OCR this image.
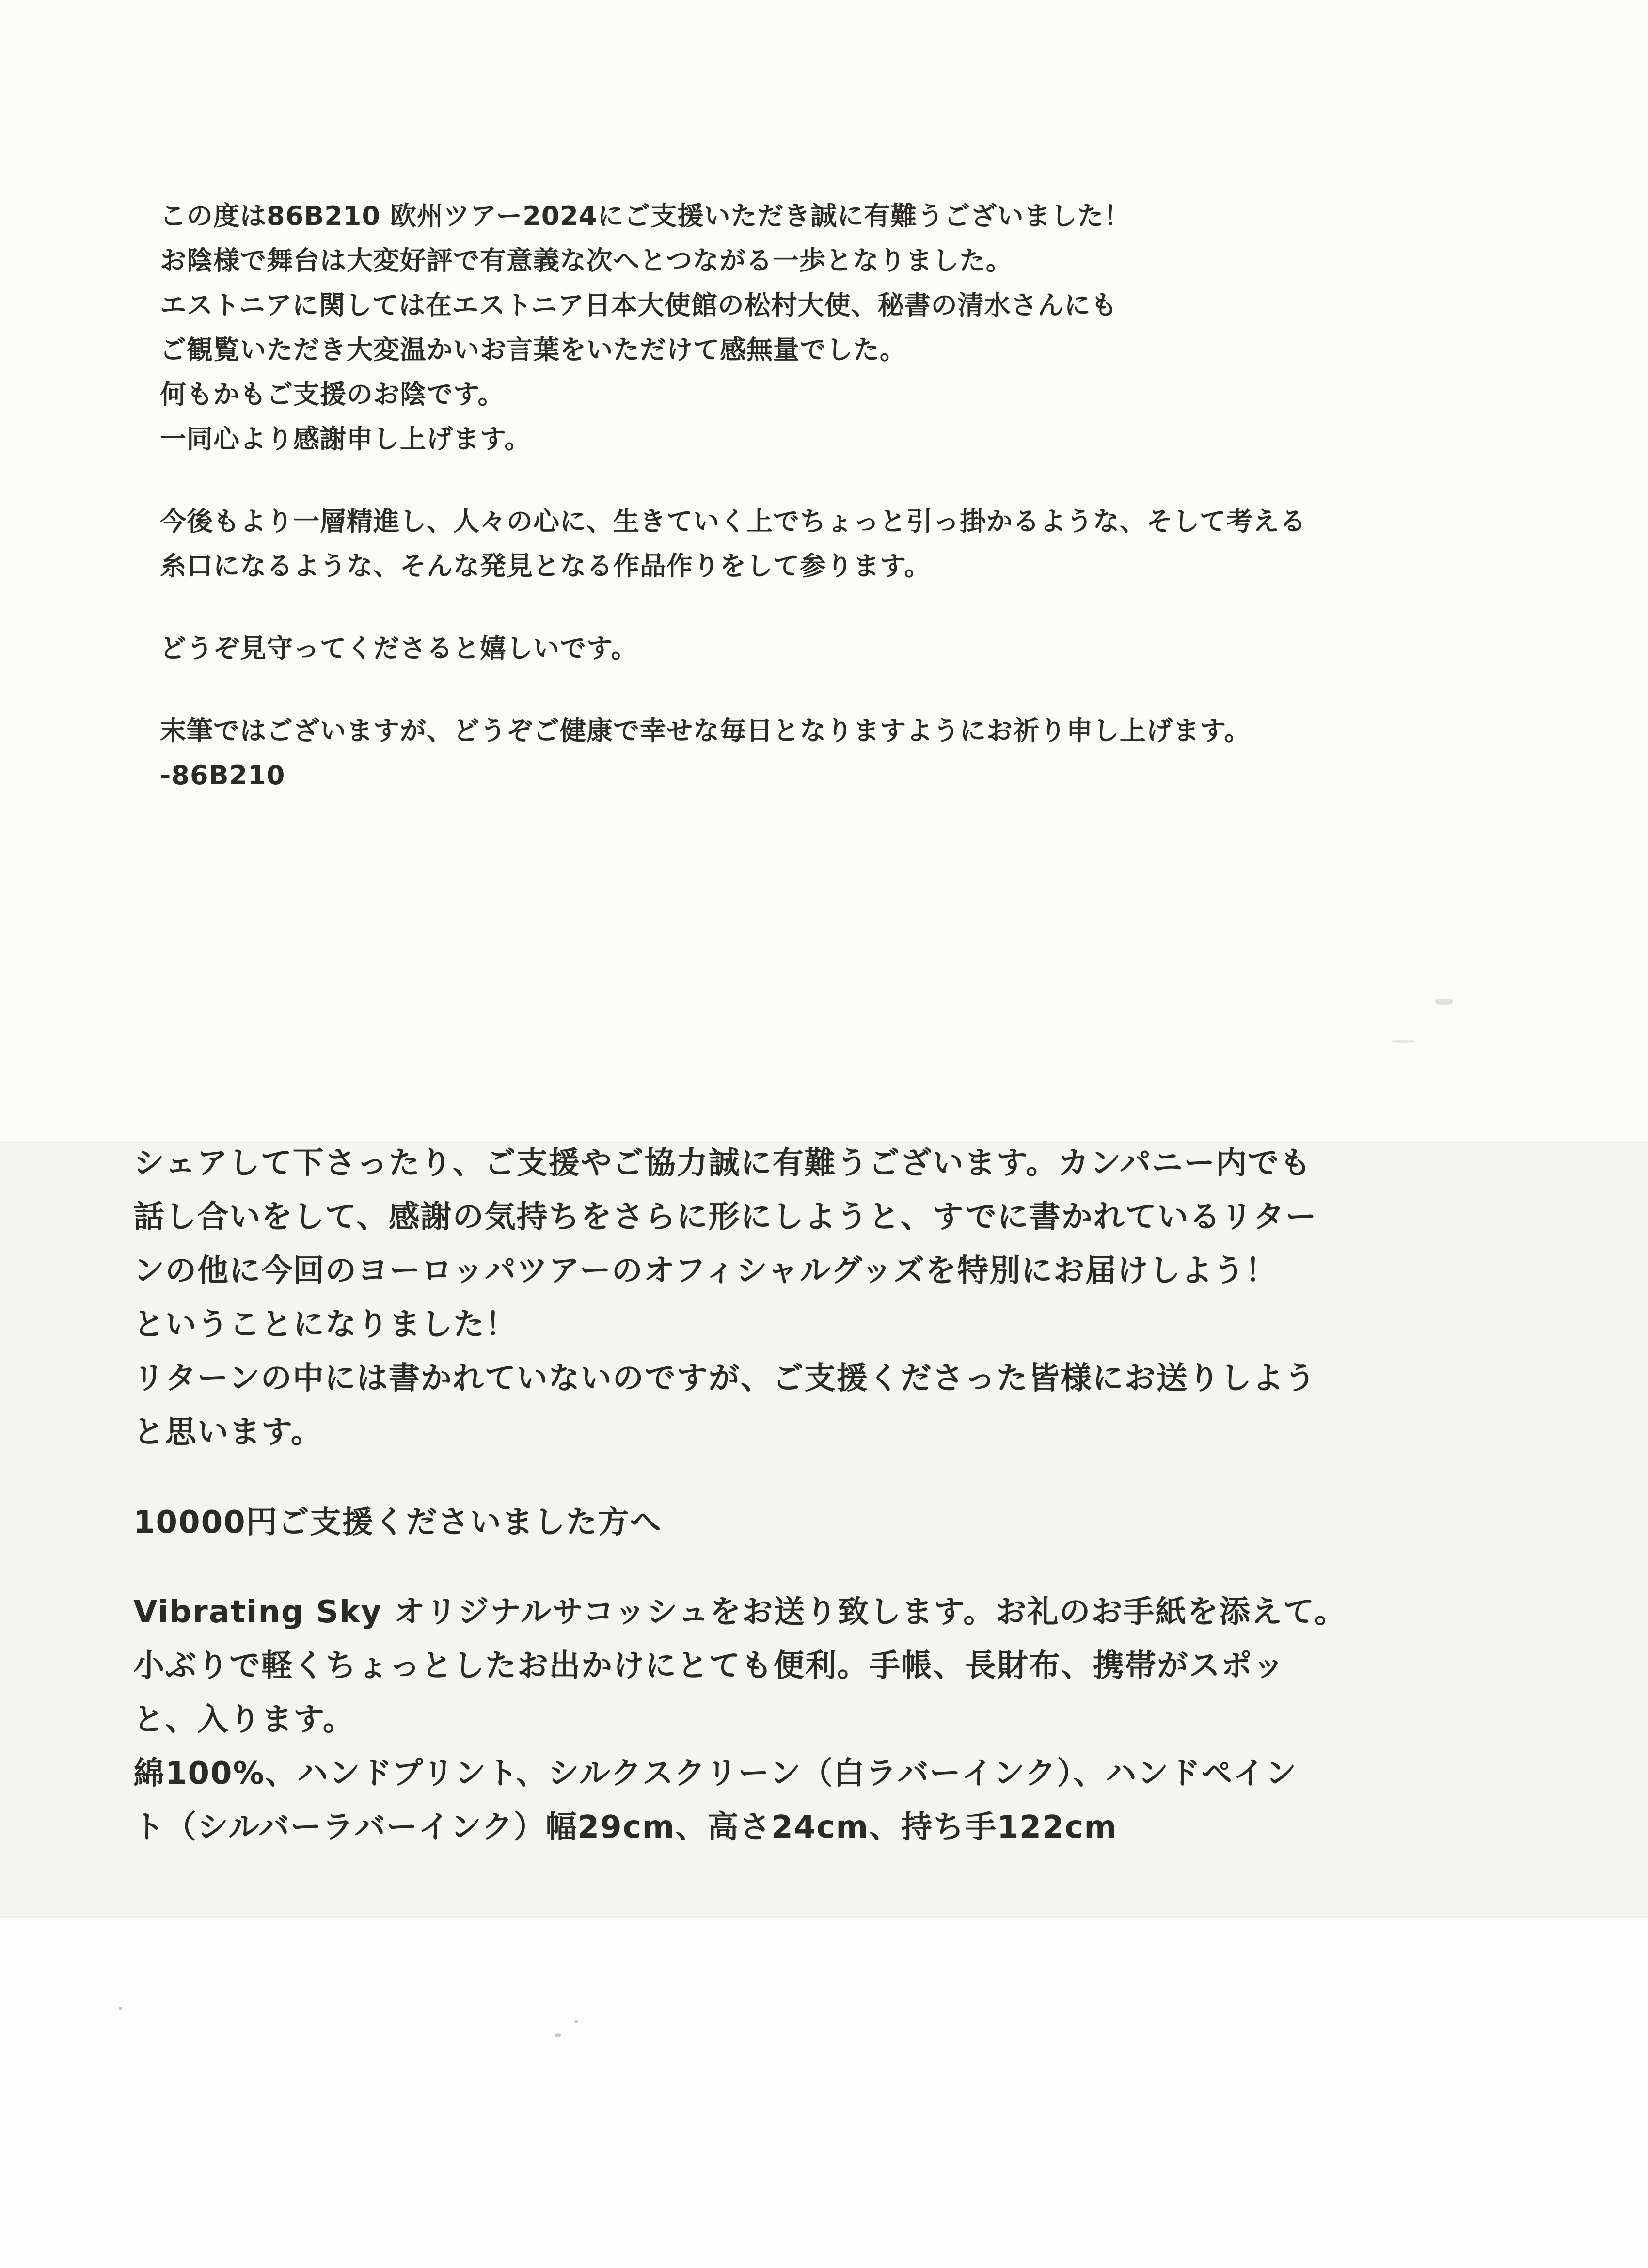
この度は86B210 欧州ツアー2024にご支援いただき誠に有難うございました！
お陰様で舞台は大変好評で有意義な次へとつながる一歩となりました。
エストニアに関しては在エストニア日本大使館の松村大使、秘書の清水さんにも
ご観覧いただき大変温かいお言葉をいただけて感無量でした。
何もかもご支援のお陰です。
一同心より感謝申し上げます。
今後もより一層精進し、人々の心に、生きていく上でちょっと引っ掛かるような、そして考える
糸口になるような、そんな発見となる作品作りをして参ります。
どうぞ見守ってくださると嬉しいです。
末筆ではございますが、どうぞご健康で幸せな毎日となりますようにお祈り申し上げます。
-86B210
シェアして下さったり、ご支援やご協力誠に有難うございます。カンパニー内でも
話し合いをして、感謝の気持ちをさらに形にしようと、すでに書かれているリター
ンの他に今回のヨーロッパツアーのオフィシャルグッズを特別にお届けしよう！
ということになりました！
リターンの中には書かれていないのですが、ご支援くださった皆様にお送りしよう
と思います。
10000円ご支援くださいました方へ
Vibrating Sky オリジナルサコッシュをお送り致します。お礼のお手紙を添えて。
小ぶりで軽くちょっとしたお出かけにとても便利。手帳、長財布、携帯がスポッ
と、入ります。
綿100%、ハンドプリント、シルクスクリーン（白ラバーインク）、ハンドペイン
ト（シルバーラバーインク）幅29cm、高さ24cm、持ち手122cm
